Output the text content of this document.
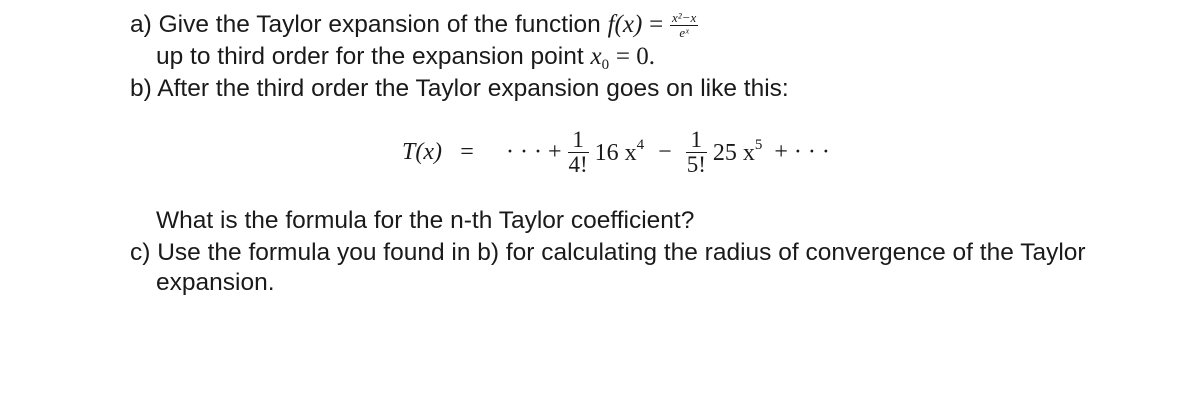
a) Give the Taylor expansion of the function $f(x) = \frac{\text{x²−x}}{\text{eˣ}}$
up to third order for the expansion point $x_0 = 0$.
b) After the third order the Taylor expansion goes on like this:
T(x) = · · · + $\frac{1}{4!} 16$ $x^4 - \frac{1}{5!} 25$ $x^5$ + · · ·
What is the formula for the n-th Taylor coefficient?
c) Use the formula you found in b) for calculating the radius of convergence of the Taylor
expansion.
